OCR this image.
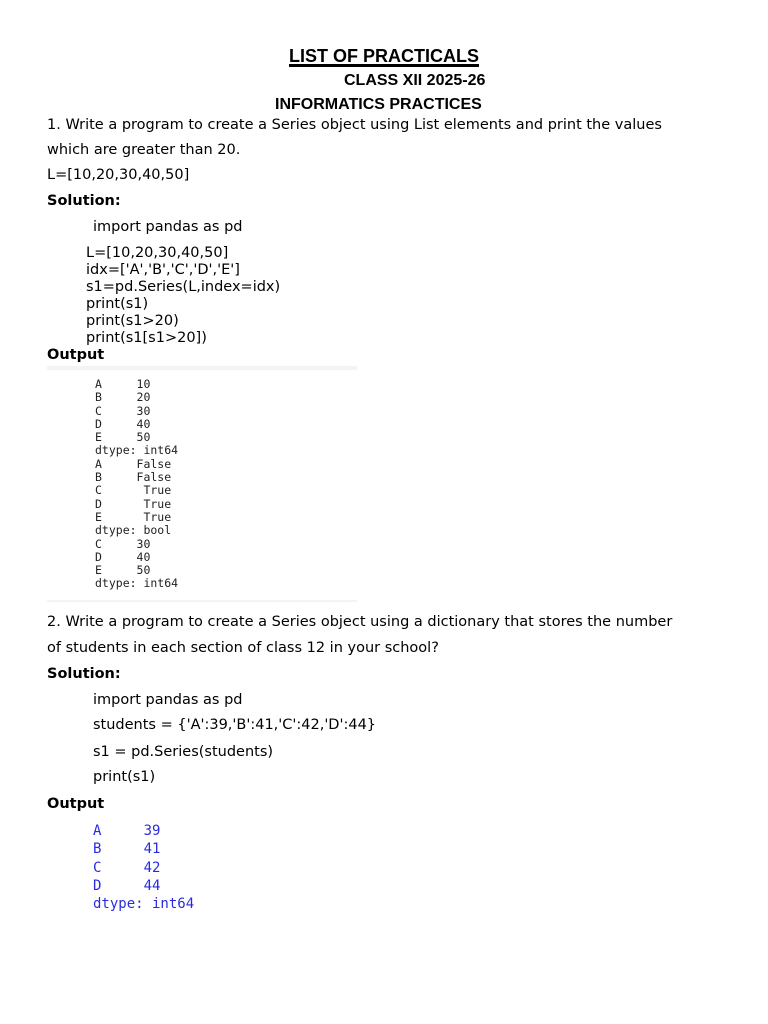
LIST OF PRACTICALS
CLASS XII 2025-26
INFORMATICS PRACTICES
1. Write a program to create a Series object using List elements and print the values
which are greater than 20.
L=[10,20,30,40,50]
Solution:
import pandas as pd
L=[10,20,30,40,50]
idx=['A','B','C','D','E']
s1=pd.Series(L,index=idx)
print(s1)
print(s1>20)
print(s1[s1>20])
Output
A     10
B     20
C     30
D     40
E     50
dtype: int64
A     False
B     False
C      True
D      True
E      True
dtype: bool
C     30
D     40
E     50
dtype: int64
2. Write a program to create a Series object using a dictionary that stores the number
of students in each section of class 12 in your school?
Solution:
import pandas as pd
students = {'A':39,'B':41,'C':42,'D':44}
s1 = pd.Series(students)
print(s1)
Output
A     39
B     41
C     42
D     44
dtype: int64
